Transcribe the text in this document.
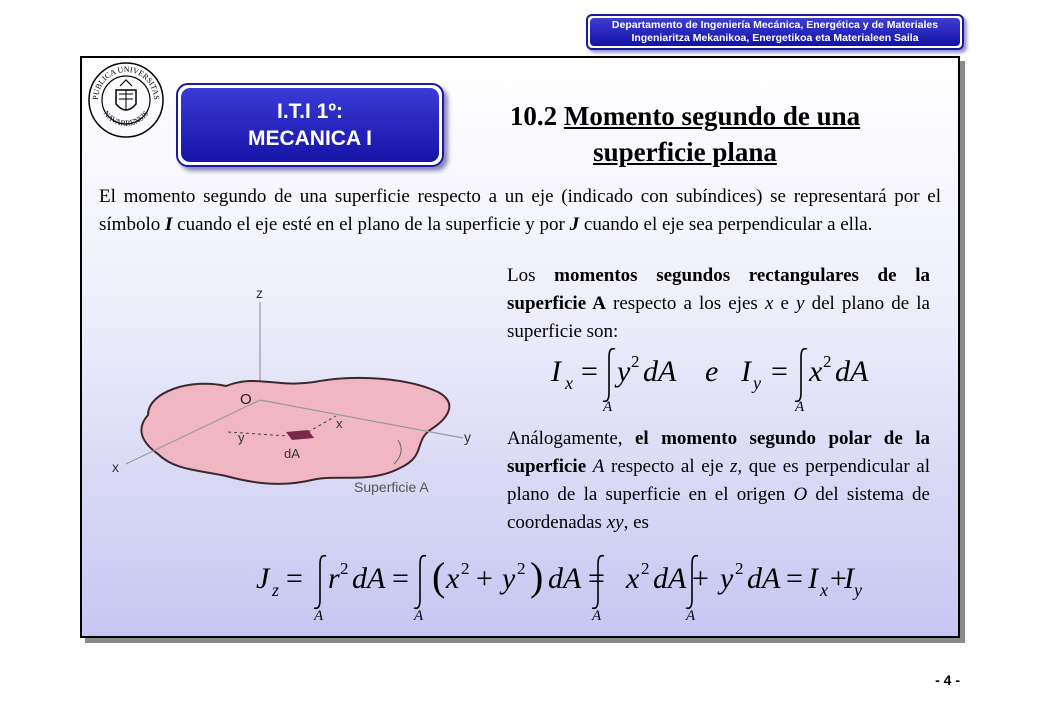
Departamento de Ingeniería Mecánica, Energética y de Materiales
Ingeniaritza Mekanikoa, Energetikoa eta Materialeen Saila
PUBLICA UNIVERSITAS
NAVARRENSIS	I.T.I 1º:
MECANICA I
10.2 Momento segundo de una
superficie plana
El momento segundo de una superficie respecto a un eje (indicado con subíndices) se representará por el símbolo I cuando el eje esté en el plano de la superficie y por J cuando el eje sea perpendicular a ella.
z
y
x
O
y
x
dA
Superficie A
Los momentos segundos rectangulares de la superficie A respecto a los ejes x e y del plano de la superficie son:
I x = y 2 dA e I y = x 2 dA
A	A
Análogamente, el momento segundo polar de la superficie A respecto al eje z, que es perpendicular al plano de la superficie en el origen O del sistema de coordenadas xy, es
J z = r 2 dA = ( x 2 + y 2 ) dA = x 2 dA + y 2 dA = I x +
I y
A	A	A	A
- 4 -
